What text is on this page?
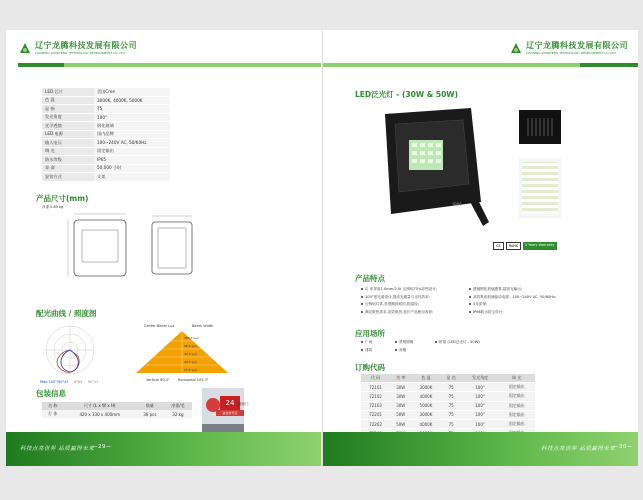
辽宁龙腾科技发展有限公司
LIAONING LONGTENG TECHNOLOGY DEVELOPMENT CO.,LTD
LED 芯片	美国Cree
色 温	3000K, 4000K, 5000K
显 指	75
发光角度	100°
光学透镜	钢化玻璃
LED 电源	国内品牌
输入电压	100~240V AC, 50/60Hz
调 光	固定输出
防水等级	IP65
寿 命	50,000 小时
安装方式	支架
产品尺寸(mm)
净重 0.89 kg
配光曲线 / 照度图
Max:100°/90°/H 0°/H 90°/H
Center Beam Lux	Beam Width
394.7 Lux
98.6 Lux
43.9 Lux
24.7 Lux
15.8 Lux
Vertical 60.3° Horizontal 105.3°
包装信息
名 称	尺寸 (L x W x H)	数量	净重/毛
灯 体	420 x 330 x 400mm	36 pcs	32 kg
24
蔬食堂竹店
随意门
科技点亮世界 品质赢得未来
—29—
辽宁龙腾科技发展有限公司
LIAONING LONGTENG TECHNOLOGY DEVELOPMENT CO.,LTD
LED泛光灯 - (30W & 50W)
IP66
CE	RoHS	5 Years Warranty
产品特点
灯 体采用1.0mm/2.0t 压铸铝75%导热设计;
100°度光谱设计,提高光通量与光环效率;
压铸铝灯体,美观精致耐用,防腐蚀;
满足散热需求,高效散热,延长产品使用寿命;
透镜钢化玻璃透雾,超高光输出;
高效集成恒流驱动电源 , 100~240V AC, 50/60Hz;
5年质保;
IP66防水防尘设计;
应用场所
广场
建筑
景观照明
高楼
桥梁 (LED泛光灯 - 50W)
订购代码
代 码	功 率	色 温	显 色	发光角度	调 光
72101	30W	3000K	75	100°	固定输出
72102	30W	4000K	75	100°	固定输出
72103	30W	5000K	75	100°	固定输出
72201	50W	3000K	75	100°	固定输出
72202	50W	4000K	75	100°	固定输出

科技点亮世界 品质赢得未来
—30—
